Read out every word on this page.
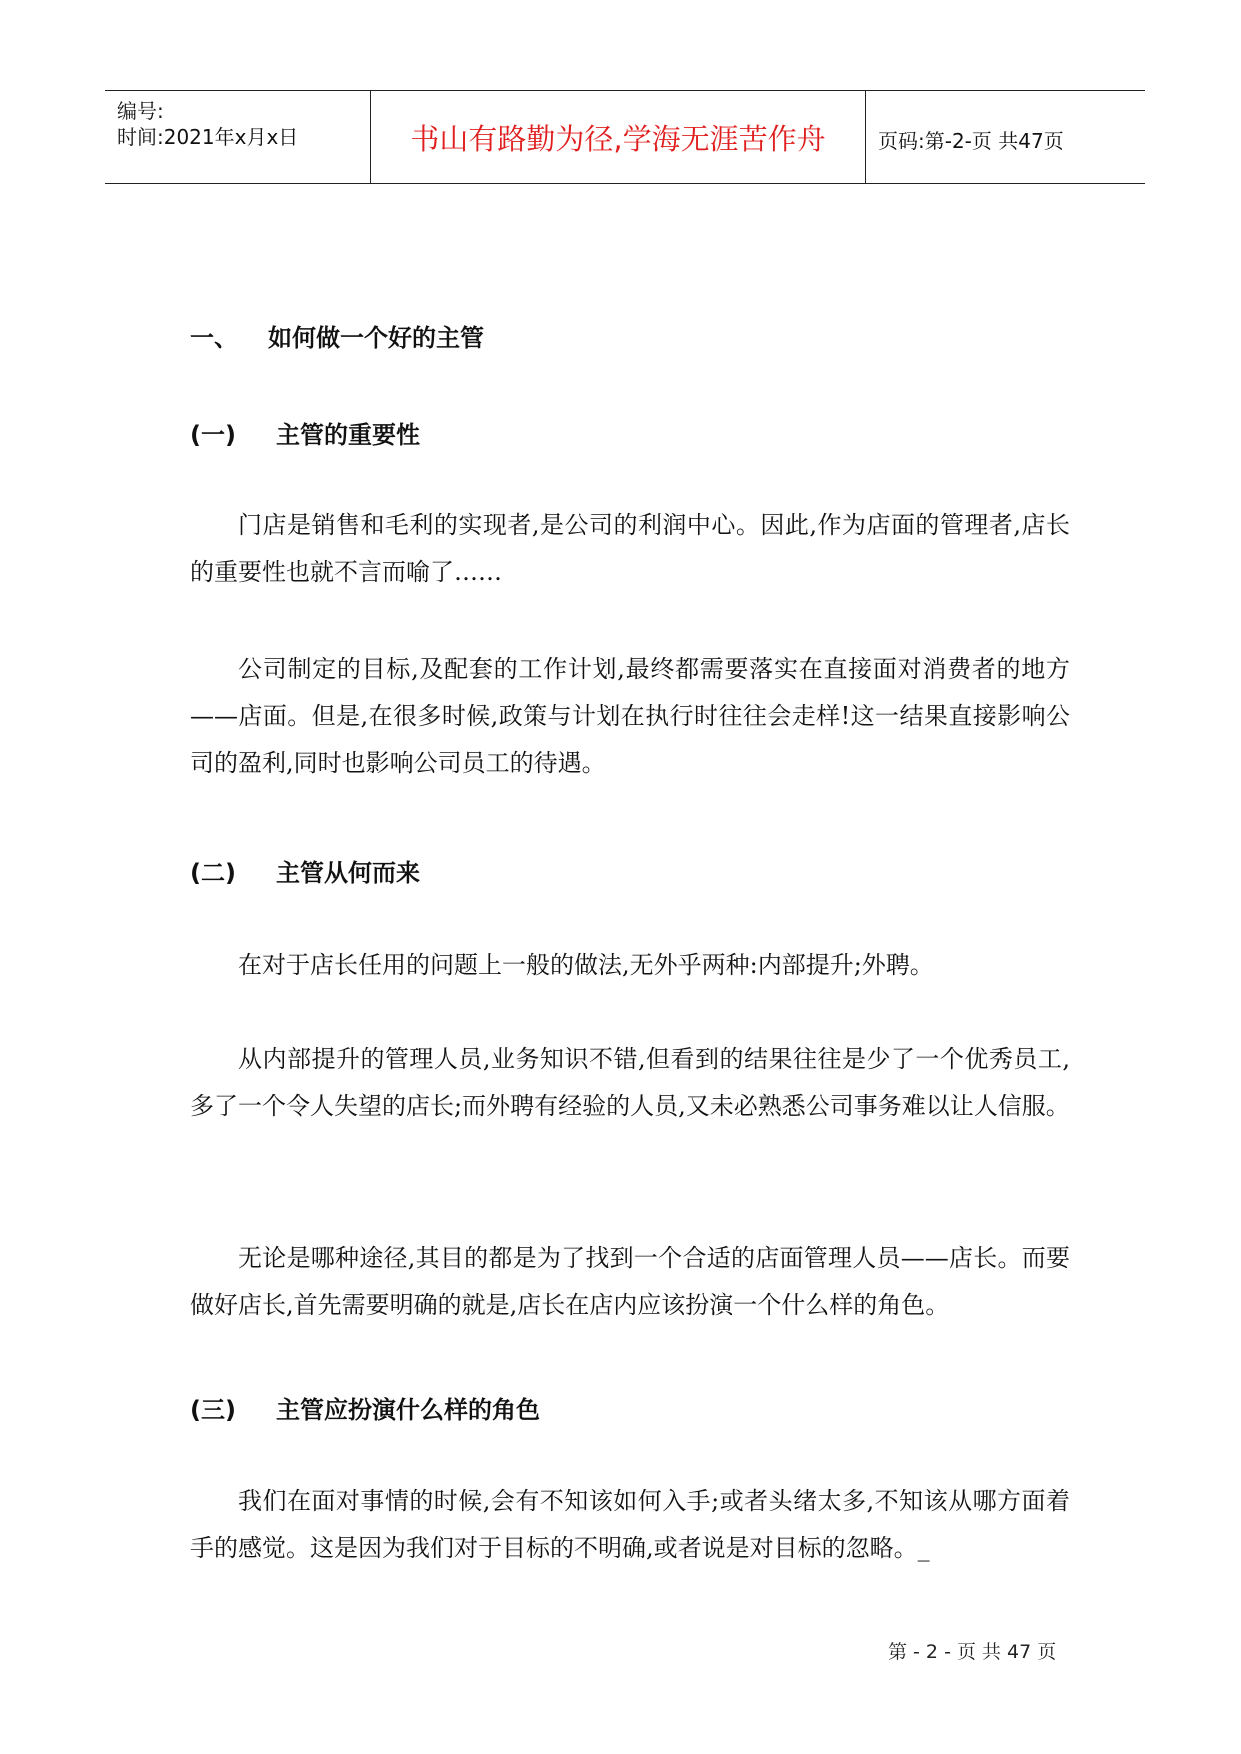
编号:
时间:2021年x月x日	书山有路勤为径,学海无涯苦作舟	页码:第-2-页 共47页
一、 如何做一个好的主管
(一) 主管的重要性

门店是销售和毛利的实现者,是公司的利润中心。因此,作为店面的管理者,店长的重要性也就不言而喻了……

公司制定的目标,及配套的工作计划,最终都需要落实在直接面对消费者的地方——店面。但是,在很多时候,政策与计划在执行时往往会走样!这一结果直接影响公司的盈利,同时也影响公司员工的待遇。

(二) 主管从何而来

在对于店长任用的问题上一般的做法,无外乎两种:内部提升;外聘。

从内部提升的管理人员,业务知识不错,但看到的结果往往是少了一个优秀员工,多了一个令人失望的店长;而外聘有经验的人员,又未必熟悉公司事务难以让人信服。

无论是哪种途径,其目的都是为了找到一个合适的店面管理人员——店长。而要做好店长,首先需要明确的就是,店长在店内应该扮演一个什么样的角色。

(三) 主管应扮演什么样的角色

我们在面对事情的时候,会有不知该如何入手;或者头绪太多,不知该从哪方面着手的感觉。这是因为我们对于目标的不明确,或者说是对目标的忽略。_

第 - 2 - 页 共 47 页
